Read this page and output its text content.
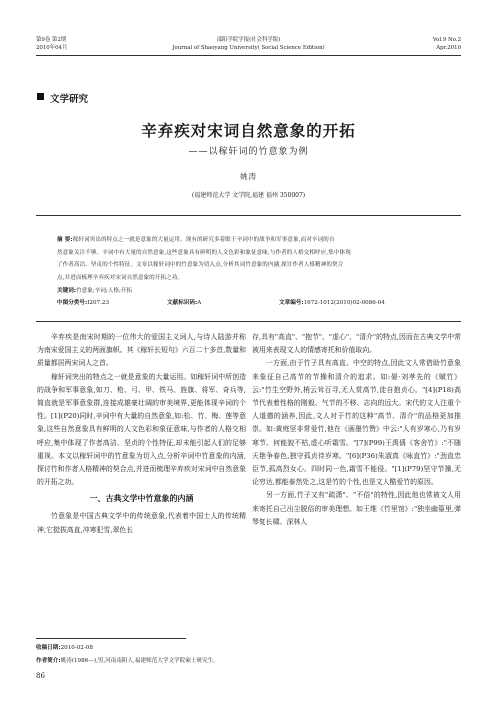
第9卷 第2期
2010年04月
邵阳学院学报(社会科学版)
Journal of Shaoyang University( Social Science Edition)
Vol.9 No.2
Apr.2010
文学研究
辛弃疾对宋词自然意象的开拓
——以稼轩词的竹意象为例
姚涛
(福建师范大学 文学院,福建 福州 350007)

摘 要:稼轩词突出的特点之一就是意象的大量运用。现有的研究多着眼于辛词中的战争和军事意象,而对辛词的自

然意象关注不够。辛词中有大量的自然意象,这些意象具有鲜明的人文色彩和象征意味,与作者的人格交相呼应,集中体现

了作者高洁、坚贞的个性特征。文章以稼轩词中的竹意象为切入点,分析其词竹意象的内涵,探讨作者人格精神的契合

点,并进而梳理辛弃疾对宋词自然意象的开拓之功。

关键词:竹意象;辛词;人格;开拓
中图分类号:I207.23	文献标识码:A	文章编号:1672-1012(2010)02-0086-04

辛弃疾是南宋时期的一位伟大的爱国主义词人,与诗人陆游并称为南宋爱国主义的两面旗帜。其《稼轩长短句》六百二十多首,数量和质量都居两宋词人之首。

稼轩词突出的特点之一就是意象的大量运用。如稼轩词中所创造的战争和军事意象,如刀、枪、弓、甲、铁马、旌旗、将军、奇兵等,简直就是军事意象群,连接成雄豪壮阔的审美境界,更能体现辛词的个性。[1](P20)同时,辛词中有大量的自然意象,如:松、竹、梅、莲等意象,这些自然意象具有鲜明的人文色彩和象征意味,与作者的人格交相呼应,集中体现了作者高洁、坚贞的个性特征,却未能引起人们的足够重视。本文以稼轩词中的竹意象为切入点,分析辛词中竹意象的内涵,探讨竹和作者人格精神的契合点,并进而梳理辛弃疾对宋词中自然意象的开拓之功。

一、古典文学中竹意象的内涵

竹意象是中国古典文学中的传统意象,代表着中国士人的传统精神,它挺拔高直,冲寒犯雪,翠色长

存,具有"高直"、"抱节"、"虚心"、"清介"的特点,因而在古典文学中常被用来表现文人的情感寄托和价值取向。

一方面,由于竹子具有高直、中空的特点,因此文人常借助竹意象来象征自己高节的节操和清介的追求。如:晏·刘孝先的《赋竹》云:"竹生空野外,梢云耸百寻,无人赏高节,徒自抱贞心。"[4](P18)高节代表着性格的刚毅、气节的不移、志向的远大。宋代的文人注重个人道德的涵养,因此,文人对于竹的这种"高节、清介"的品格更加推崇。如:黄庭坚非常爱竹,他在《画墨竹赞》中云:"人有岁寒心,乃有岁寒节。何能貌不枯,虚心听霜雪。"[7](P99)王禹偁《客舍竹》:"不随夭艳争春色,独守孤贞待岁寒。"[6](P36)朱淑真《咏直竹》:"劲直忠臣节,孤高烈女心。四时同一色,霜雪不能侵。"[1](P79)坚守节操,无论穷达,都能泰然处之,这是竹的个性,也是文人酷爱竹的原因。

另一方面,竹子又有"疏潇"、"不俗"的特性,因此他也常被文人用来寄托自己出尘脱俗的审美理想。如王维《竹里馆》:"独坐幽篁里,弹琴复长啸。深林人

收稿日期:2010-02-08
作者简介:姚涛(1986—),男,河南南阳人,福建师范大学文学院硕士研究生。
86
